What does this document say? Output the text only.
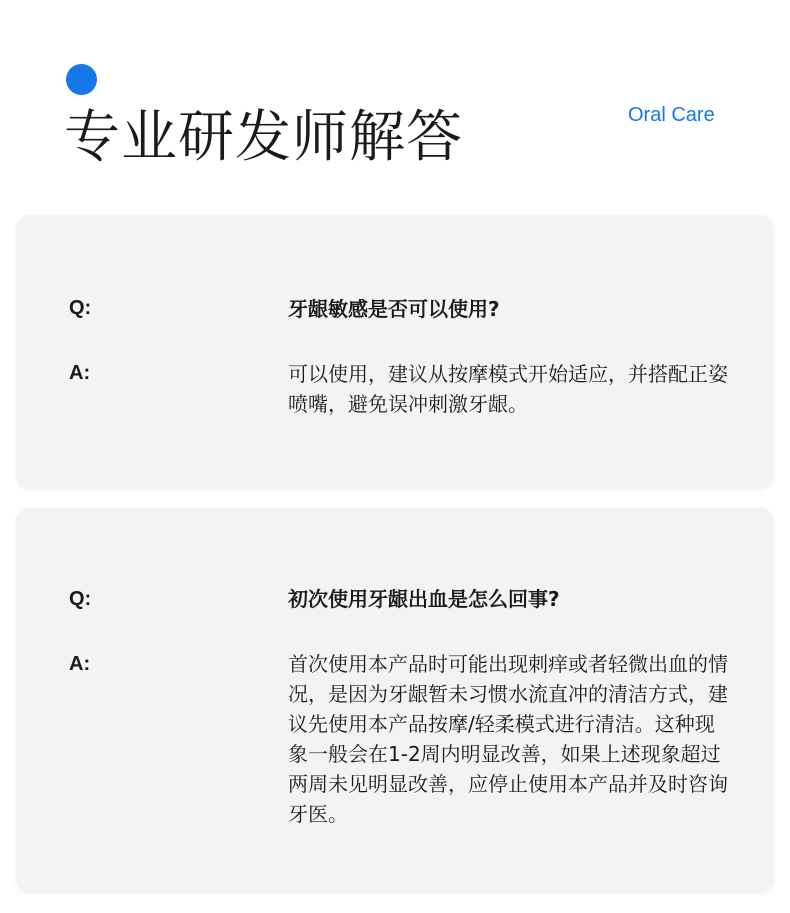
专业研发师解答	Oral Care
Q:	牙龈敏感是否可以使用?
A:	可以使用，建议从按摩模式开始适应，并搭配正姿喷嘴，避免误冲刺激牙龈。
Q:	初次使用牙龈出血是怎么回事?
A:	首次使用本产品时可能出现刺痒或者轻微出血的情况，是因为牙龈暂未习惯水流直冲的清洁方式，建议先使用本产品按摩/轻柔模式进行清洁。这种现象一般会在1-2周内明显改善，如果上述现象超过两周未见明显改善，应停止使用本产品并及时咨询牙医。
